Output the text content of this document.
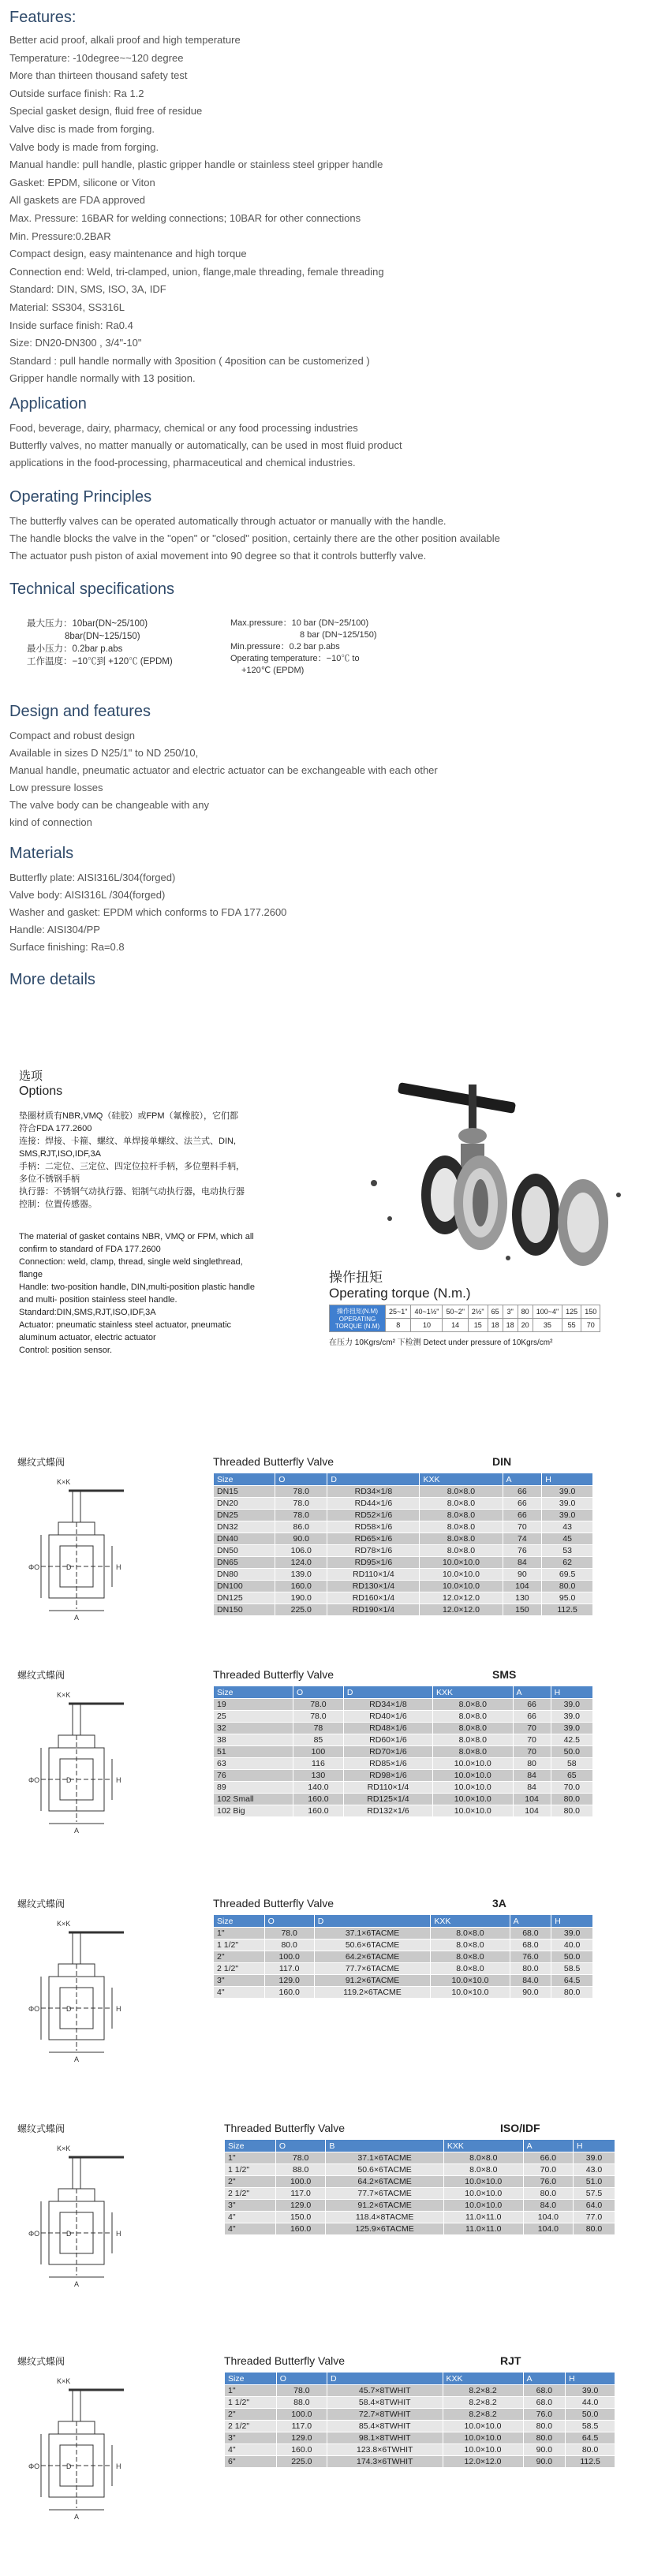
Features:
Better acid proof, alkali proof and high temperature
Temperature: -10degree~~120 degree
More than thirteen thousand safety test
Outside surface finish: Ra 1.2
Special gasket design, fluid free of residue
Valve disc is made from forging.
Valve body is made from forging.
Manual handle: pull handle, plastic gripper handle or stainless steel gripper handle
Gasket: EPDM, silicone or Viton
All gaskets are FDA approved
Max. Pressure: 16BAR for welding connections; 10BAR for other connections
Min. Pressure:0.2BAR
Compact design, easy maintenance and high torque
Connection end: Weld, tri-clamped, union, flange,male threading, female threading
Standard: DIN, SMS, ISO, 3A, IDF
Material: SS304, SS316L
Inside surface finish: Ra0.4
Size: DN20-DN300 , 3/4"-10"
Standard : pull handle normally with 3position ( 4position can be customerized )
Gripper handle normally with 13 position.
Application
Food, beverage, dairy, pharmacy, chemical or any food processing industries
Butterfly valves, no matter manually or automatically, can be used in most fluid product
applications in the food-processing, pharmaceutical and chemical industries.
Operating Principles
The butterfly valves can be operated automatically through actuator or manually with the handle.
The handle blocks the valve in the "open" or "closed" position, certainly there are the other position available
The actuator push piston of axial movement into 90 degree so that it controls butterfly valve.
Technical specifications
最大压力：10bar(DN~25/100)
8bar(DN~125/150)
最小压力：0.2bar p.abs
工作温度：−10℃到 +120℃ (EPDM)
Max.pressure：10 bar (DN~25/100)
8 bar (DN~125/150)
Min.pressure：0.2 bar p.abs
Operating temperature：−10℃ to
+120℃ (EPDM)
Design and features
Compact and robust design
Available in sizes D N25/1" to ND 250/10,
Manual handle, pneumatic actuator and electric actuator can be exchangeable with each other
Low pressure losses
The valve body can be changeable with any
kind of connection
Materials
Butterfly plate: AISI316L/304(forged)
Valve body: AISI316L /304(forged)
Washer and gasket: EPDM which conforms to FDA 177.2600
Handle: AISI304/PP
Surface finishing: Ra=0.8
More details
选项
Options
垫圈材质有NBR,VMQ（硅胶）或FPM（氟橡胶），它们都
符合FDA 177.2600
连接：焊接、卡箍、螺纹、单焊接单螺纹、法兰式、DIN,
SMS,RJT,ISO,IDF,3A
手柄：二定位、三定位、四定位拉杆手柄，多位塑料手柄，
多位不锈钢手柄
执行器：不锈钢气动执行器、铝制气动执行器，电动执行器
控制：位置传感器。
The material of gasket contains NBR, VMQ or FPM, which all
confirm to standard of FDA 177.2600
Connection: weld, clamp, thread, single weld singlethread,
flange
Handle: two-position handle, DIN,multi-position plastic handle
and multi- position stainless steel handle.
Standard:DIN,SMS,RJT,ISO,IDF,3A
Actuator: pneumatic stainless steel actuator, pneumatic
aluminum actuator, electric actuator
Control: position sensor.
操作扭矩
Operating torque (N.m.)
操作扭矩(N.M) OPERATING TORQUE (N.M)	25~1"	40~1½"	50~2"	2½"	65	3"	80	100~4"	125	150
	8	10	14	15	18	18	20	35	55	70
在压力 10Kgrs/cm² 下检测 Detect under pressure of 10Kgrs/cm²
螺纹式蝶阀
K×K
ΦO	H
D
A
Threaded Butterfly Valve	DIN
Size	O	D	KXK	A	H
DN15	78.0	RD34×1/8	8.0×8.0	66	39.0
DN20	78.0	RD44×1/6	8.0×8.0	66	39.0
DN25	78.0	RD52×1/6	8.0×8.0	66	39.0
DN32	86.0	RD58×1/6	8.0×8.0	70	43
DN40	90.0	RD65×1/6	8.0×8.0	74	45
DN50	106.0	RD78×1/6	8.0×8.0	76	53
DN65	124.0	RD95×1/6	10.0×10.0	84	62
DN80	139.0	RD110×1/4	10.0×10.0	90	69.5
DN100	160.0	RD130×1/4	10.0×10.0	104	80.0
DN125	190.0	RD160×1/4	12.0×12.0	130	95.0
DN150	225.0	RD190×1/4	12.0×12.0	150	112.5
螺纹式蝶阀
K×K
ΦO	H
D
A
Threaded Butterfly Valve	SMS
Size	O	D	KXK	A	H
19	78.0	RD34×1/8	8.0×8.0	66	39.0
25	78.0	RD40×1/6	8.0×8.0	66	39.0
32	78	RD48×1/6	8.0×8.0	70	39.0
38	85	RD60×1/6	8.0×8.0	70	42.5
51	100	RD70×1/6	8.0×8.0	70	50.0
63	116	RD85×1/6	10.0×10.0	80	58
76	130	RD98×1/6	10.0×10.0	84	65
89	140.0	RD110×1/4	10.0×10.0	84	70.0
102 Small	160.0	RD125×1/4	10.0×10.0	104	80.0
102 Big	160.0	RD132×1/6	10.0×10.0	104	80.0
螺纹式蝶阀
K×K
ΦO	H
D
A
Threaded Butterfly Valve	3A
Size	O	D	KXK	A	H
1"	78.0	37.1×6TACME	8.0×8.0	68.0	39.0
1 1/2"	80.0	50.6×6TACME	8.0×8.0	68.0	40.0
2"	100.0	64.2×6TACME	8.0×8.0	76.0	50.0
2 1/2"	117.0	77.7×6TACME	8.0×8.0	80.0	58.5
3"	129.0	91.2×6TACME	10.0×10.0	84.0	64.5
4"	160.0	119.2×6TACME	10.0×10.0	90.0	80.0
螺纹式蝶阀
K×K
ΦO	H
D
A
Threaded Butterfly Valve	ISO/IDF
Size	O	B	KXK	A	H
1"	78.0	37.1×6TACME	8.0×8.0	66.0	39.0
1 1/2"	88.0	50.6×6TACME	8.0×8.0	70.0	43.0
2"	100.0	64.2×6TACME	10.0×10.0	76.0	51.0
2 1/2"	117.0	77.7×6TACME	10.0×10.0	80.0	57.5
3"	129.0	91.2×6TACME	10.0×10.0	84.0	64.0
4"	150.0	118.4×8TACME	11.0×11.0	104.0	77.0
4"	160.0	125.9×6TACME	11.0×11.0	104.0	80.0
螺纹式蝶阀
K×K
ΦO	H
D
A
Threaded Butterfly Valve	RJT
Size	O	D	KXK	A	H
1"	78.0	45.7×8TWHIT	8.2×8.2	68.0	39.0
1 1/2"	88.0	58.4×8TWHIT	8.2×8.2	68.0	44.0
2"	100.0	72.7×8TWHIT	8.2×8.2	76.0	50.0
2 1/2"	117.0	85.4×8TWHIT	10.0×10.0	80.0	58.5
3"	129.0	98.1×8TWHIT	10.0×10.0	80.0	64.5
4"	160.0	123.8×6TWHIT	10.0×10.0	90.0	80.0
6"	225.0	174.3×6TWHIT	12.0×12.0	90.0	112.5
